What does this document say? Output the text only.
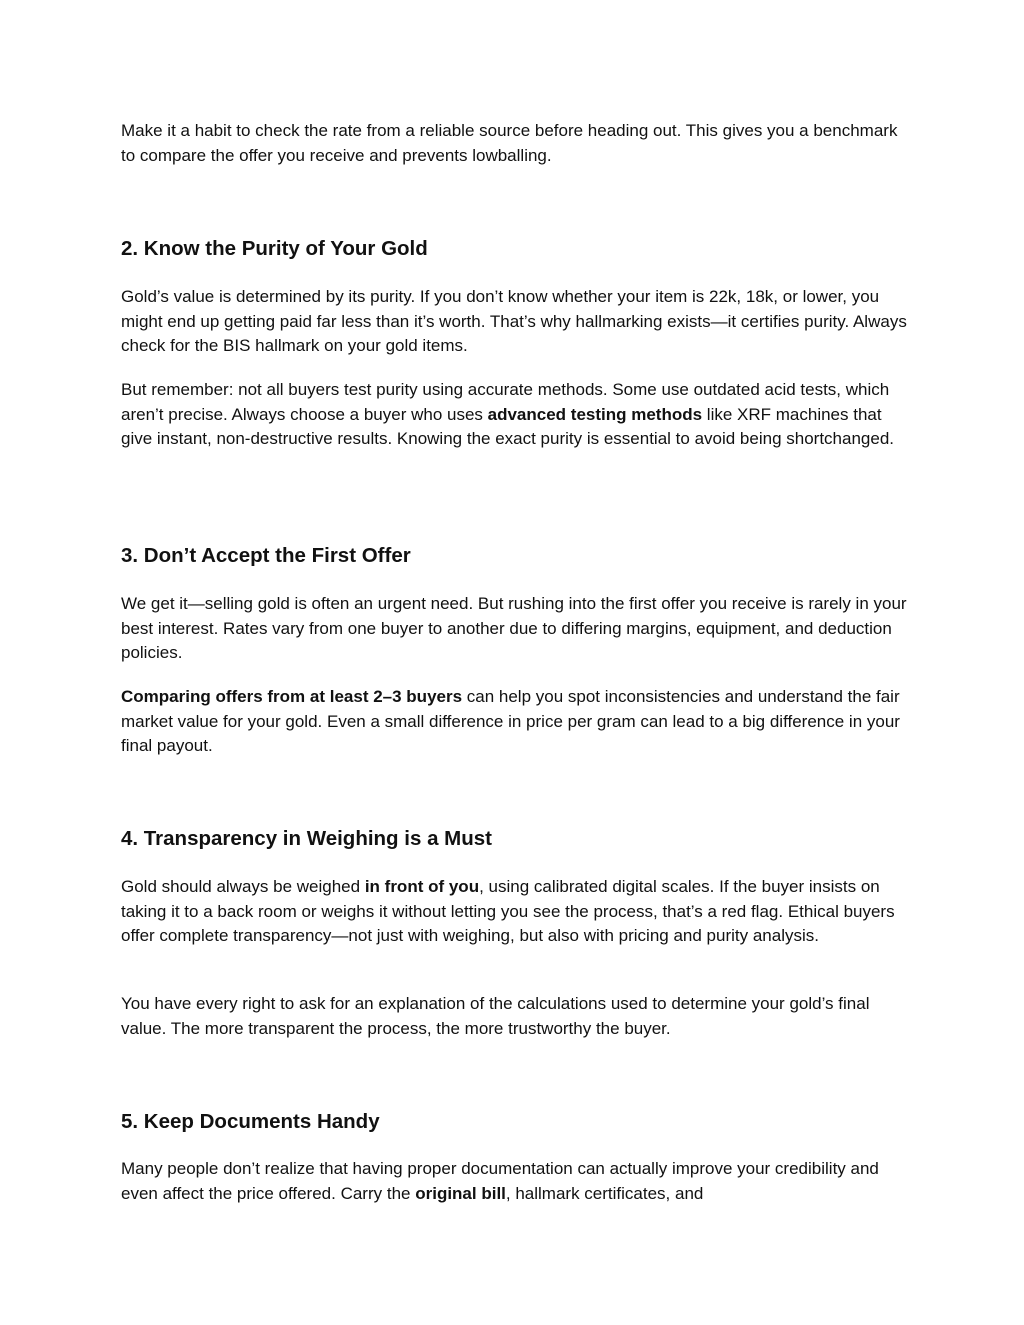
Make it a habit to check the rate from a reliable source before heading out. This gives you a benchmark to compare the offer you receive and prevents lowballing.

2. Know the Purity of Your Gold

Gold’s value is determined by its purity. If you don’t know whether your item is 22k, 18k, or lower, you might end up getting paid far less than it’s worth. That’s why hallmarking exists—it certifies purity. Always check for the BIS hallmark on your gold items.

But remember: not all buyers test purity using accurate methods. Some use outdated acid tests, which aren’t precise. Always choose a buyer who uses advanced testing methods like XRF machines that give instant, non-destructive results. Knowing the exact purity is essential to avoid being shortchanged.

3. Don’t Accept the First Offer

We get it—selling gold is often an urgent need. But rushing into the first offer you receive is rarely in your best interest. Rates vary from one buyer to another due to differing margins, equipment, and deduction policies.

Comparing offers from at least 2–3 buyers can help you spot inconsistencies and understand the fair market value for your gold. Even a small difference in price per gram can lead to a big difference in your final payout.

4. Transparency in Weighing is a Must

Gold should always be weighed in front of you, using calibrated digital scales. If the buyer insists on taking it to a back room or weighs it without letting you see the process, that’s a red flag. Ethical buyers offer complete transparency—not just with weighing, but also with pricing and purity analysis.

You have every right to ask for an explanation of the calculations used to determine your gold’s final value. The more transparent the process, the more trustworthy the buyer.

5. Keep Documents Handy

Many people don’t realize that having proper documentation can actually improve your credibility and even affect the price offered. Carry the original bill, hallmark certificates, and
